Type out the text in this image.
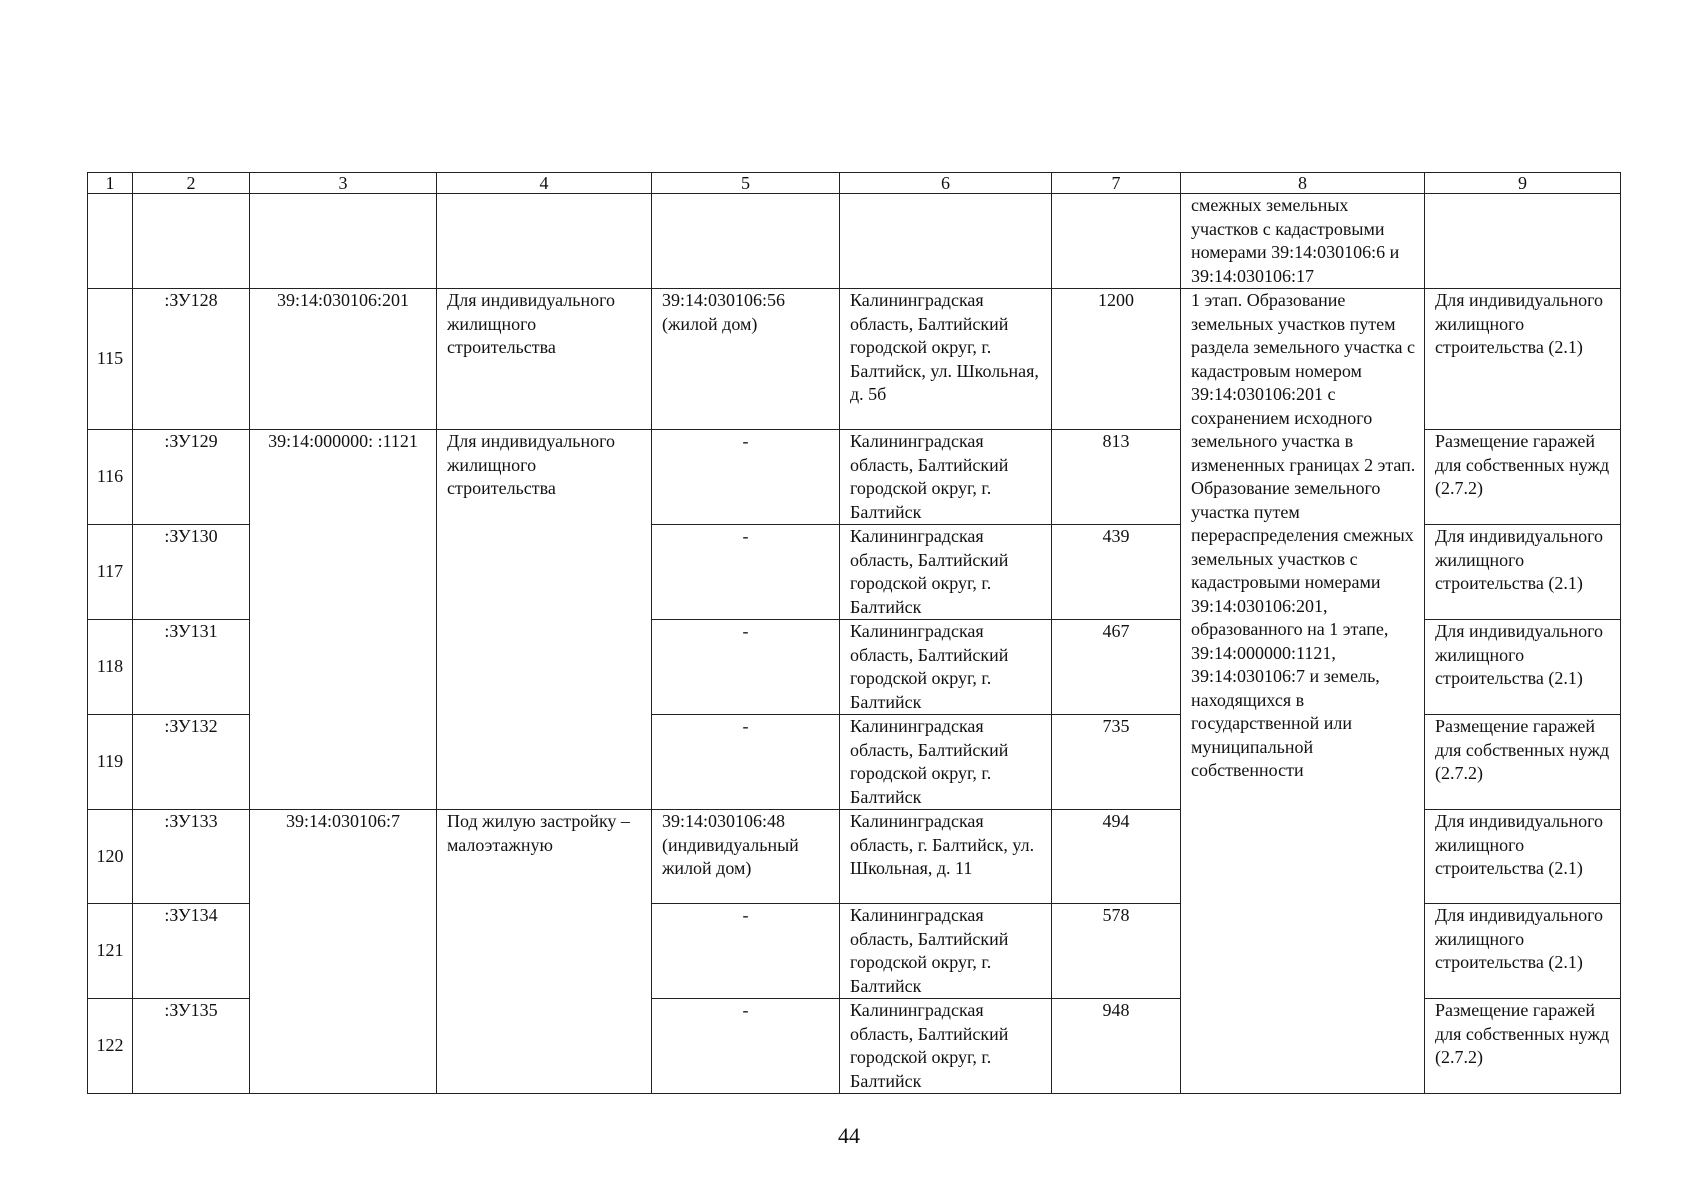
1	2	3	4	5	6	7	8	9
							смежных земельных участков с кадастровыми номерами 39:14:030106:6 и 39:14:030106:17	
115	:ЗУ128	39:14:030106:201	Для индивидуального жилищного строительства	39:14:030106:56 (жилой дом)	Калининградская область, Балтийский городской округ, г. Балтийск, ул. Школьная, д. 5б	1200	1 этап. Образование земельных участков путем раздела земельного участка с кадастровым номером 39:14:030106:201 с сохранением исходного земельного участка в измененных границах 2 этап. Образование земельного участка путем перераспределения смежных земельных участков с кадастровыми номерами 39:14:030106:201, образованного на 1 этапе, 39:14:000000:1121, 39:14:030106:7 и земель, находящихся в государственной или муниципальной собственности	Для индивидуального жилищного строительства (2.1)
116	:ЗУ129	39:14:000000: :1121	Для индивидуального жилищного строительства	-	Калининградская область, Балтийский городской округ, г. Балтийск	813		Размещение гаражей для собственных нужд (2.7.2)
117	:ЗУ130			-	Калининградская область, Балтийский городской округ, г. Балтийск	439		Для индивидуального жилищного строительства (2.1)
118	:ЗУ131			-	Калининградская область, Балтийский городской округ, г. Балтийск	467		Для индивидуального жилищного строительства (2.1)
119	:ЗУ132			-	Калининградская область, Балтийский городской округ, г. Балтийск	735		Размещение гаражей для собственных нужд (2.7.2)
120	:ЗУ133	39:14:030106:7	Под жилую застройку – малоэтажную	39:14:030106:48 (индивидуальный жилой дом)	Калининградская область, г. Балтийск, ул. Школьная, д. 11	494		Для индивидуального жилищного строительства (2.1)
121	:ЗУ134			-	Калининградская область, Балтийский городской округ, г. Балтийск	578		Для индивидуального жилищного строительства (2.1)
122	:ЗУ135			-	Калининградская область, Балтийский городской округ, г. Балтийск	948		Размещение гаражей для собственных нужд (2.7.2)
44
